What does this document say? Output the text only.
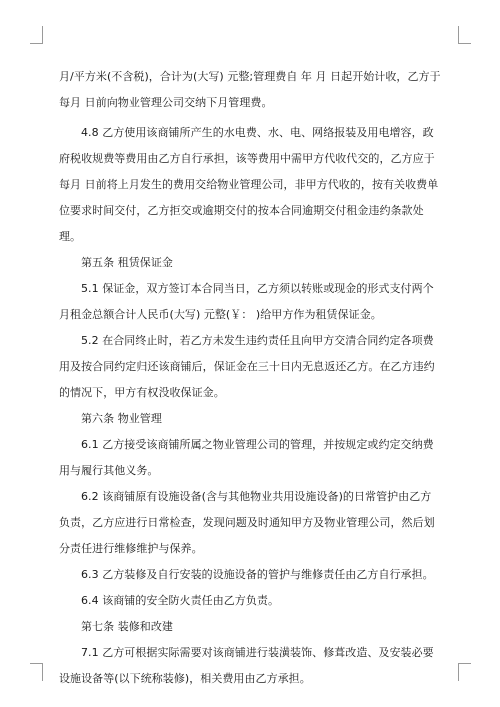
月/平方米(不含税)，合计为(大写) 元整;管理费自 年 月 日起开始计收，乙方于每月 日前向物业管理公司交纳下月管理费。

4.8 乙方使用该商铺所产生的水电费、水、电、网络报装及用电增容，政府税收规费等费用由乙方自行承担，该等费用中需甲方代收代交的，乙方应于每月 日前将上月发生的费用交给物业管理公司，非甲方代收的，按有关收费单位要求时间交付，乙方拒交或逾期交付的按本合同逾期交付租金违约条款处理。

第五条 租赁保证金

5.1 保证金，双方签订本合同当日，乙方须以转账或现金的形式支付两个月租金总额合计人民币(大写) 元整(￥： )给甲方作为租赁保证金。

5.2 在合同终止时，若乙方未发生违约责任且向甲方交清合同约定各项费用及按合同约定归还该商铺后，保证金在三十日内无息返还乙方。在乙方违约的情况下，甲方有权没收保证金。

第六条 物业管理

6.1 乙方接受该商铺所属之物业管理公司的管理，并按规定或约定交纳费用与履行其他义务。

6.2 该商铺原有设施设备(含与其他物业共用设施设备)的日常管护由乙方负责，乙方应进行日常检查，发现问题及时通知甲方及物业管理公司，然后划分责任进行维修维护与保养。

6.3 乙方装修及自行安装的设施设备的管护与维修责任由乙方自行承担。

6.4 该商铺的安全防火责任由乙方负责。

第七条 装修和改建

7.1 乙方可根据实际需要对该商铺进行装潢装饰、修葺改造、及安装必要设施设备等(以下统称装修)，相关费用由乙方承担。
